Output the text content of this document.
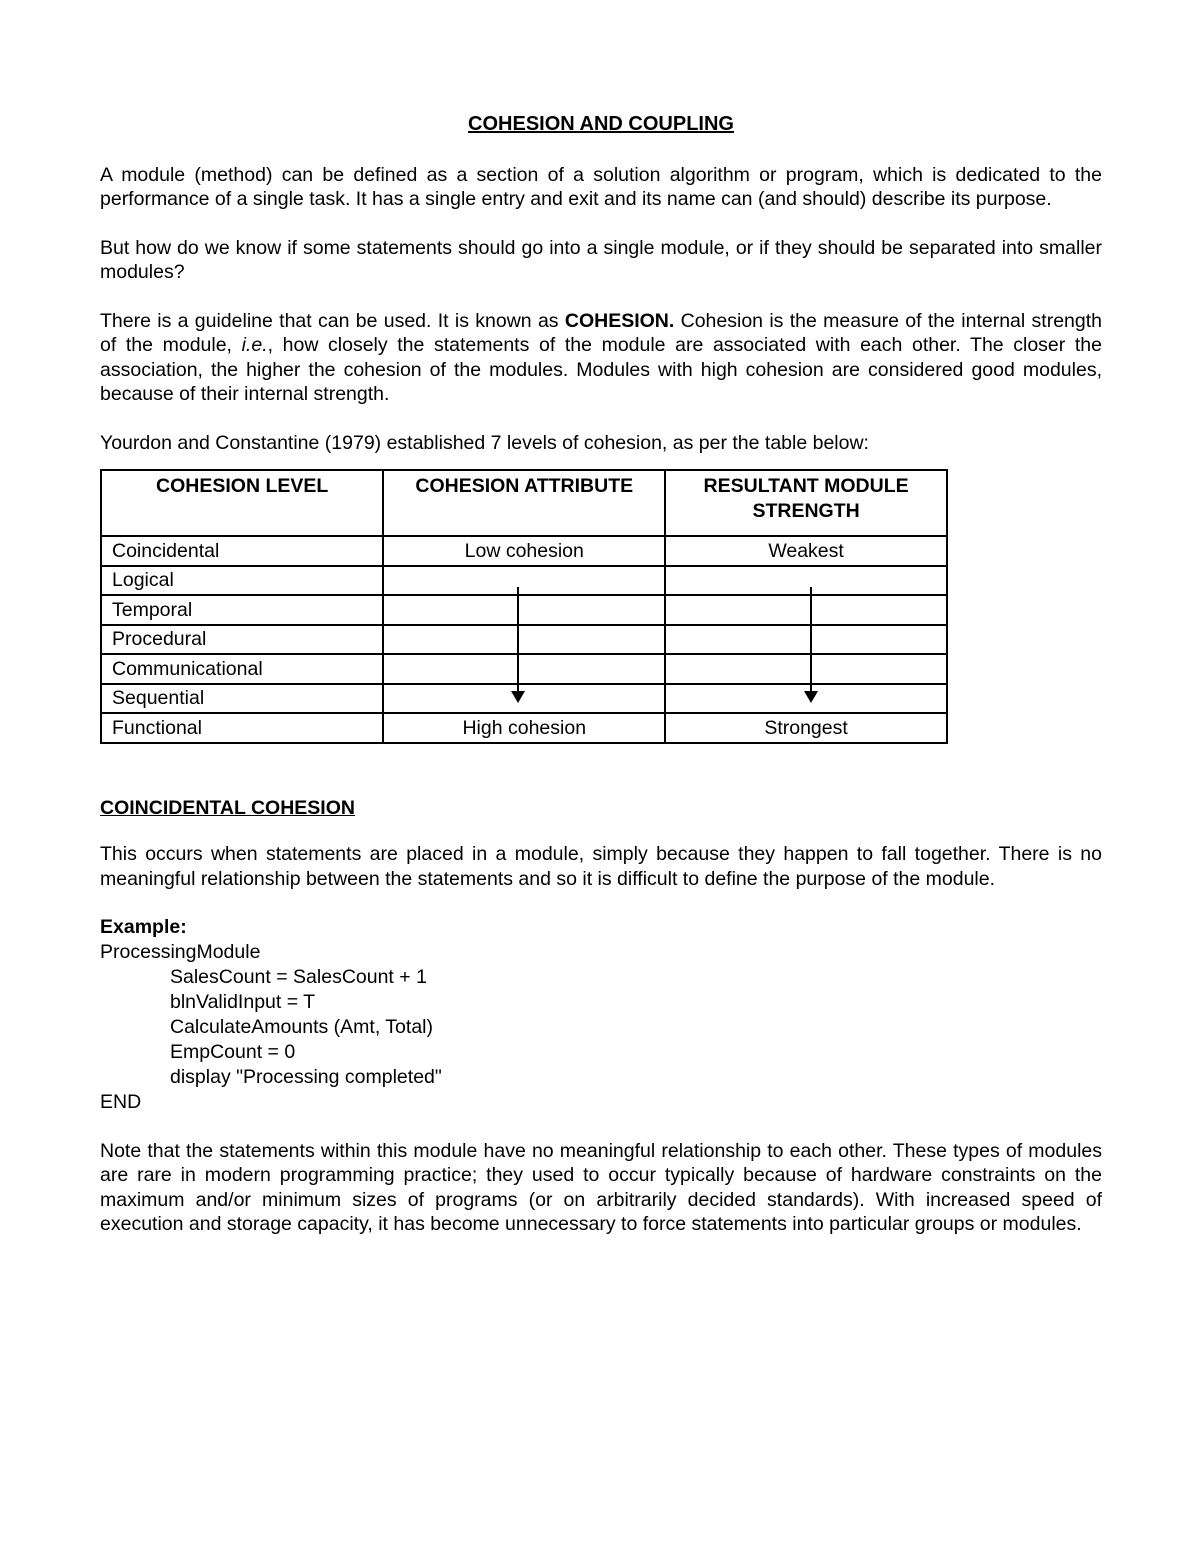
COHESION AND COUPLING

A module (method) can be defined as a section of a solution algorithm or program, which is dedicated to the performance of a single task. It has a single entry and exit and its name can (and should) describe its purpose.

But how do we know if some statements should go into a single module, or if they should be separated into smaller modules?

There is a guideline that can be used. It is known as COHESION. Cohesion is the measure of the internal strength of the module, i.e., how closely the statements of the module are associated with each other. The closer the association, the higher the cohesion of the modules. Modules with high cohesion are considered good modules, because of their internal strength.

Yourdon and Constantine (1979) established 7 levels of cohesion, as per the table below:

COHESION LEVEL	COHESION ATTRIBUTE	RESULTANT MODULE STRENGTH
Coincidental	Low cohesion	Weakest
Logical		
Temporal		
Procedural		
Communicational		
Sequential		
Functional	High cohesion	Strongest
COINCIDENTAL COHESION

This occurs when statements are placed in a module, simply because they happen to fall together. There is no meaningful relationship between the statements and so it is difficult to define the purpose of the module.

Example:
ProcessingModule
SalesCount = SalesCount + 1
blnValidInput = T
CalculateAmounts (Amt, Total)
EmpCount = 0
display "Processing completed"
END

Note that the statements within this module have no meaningful relationship to each other. These types of modules are rare in modern programming practice; they used to occur typically because of hardware constraints on the maximum and/or minimum sizes of programs (or on arbitrarily decided standards). With increased speed of execution and storage capacity, it has become unnecessary to force statements into particular groups or modules.
